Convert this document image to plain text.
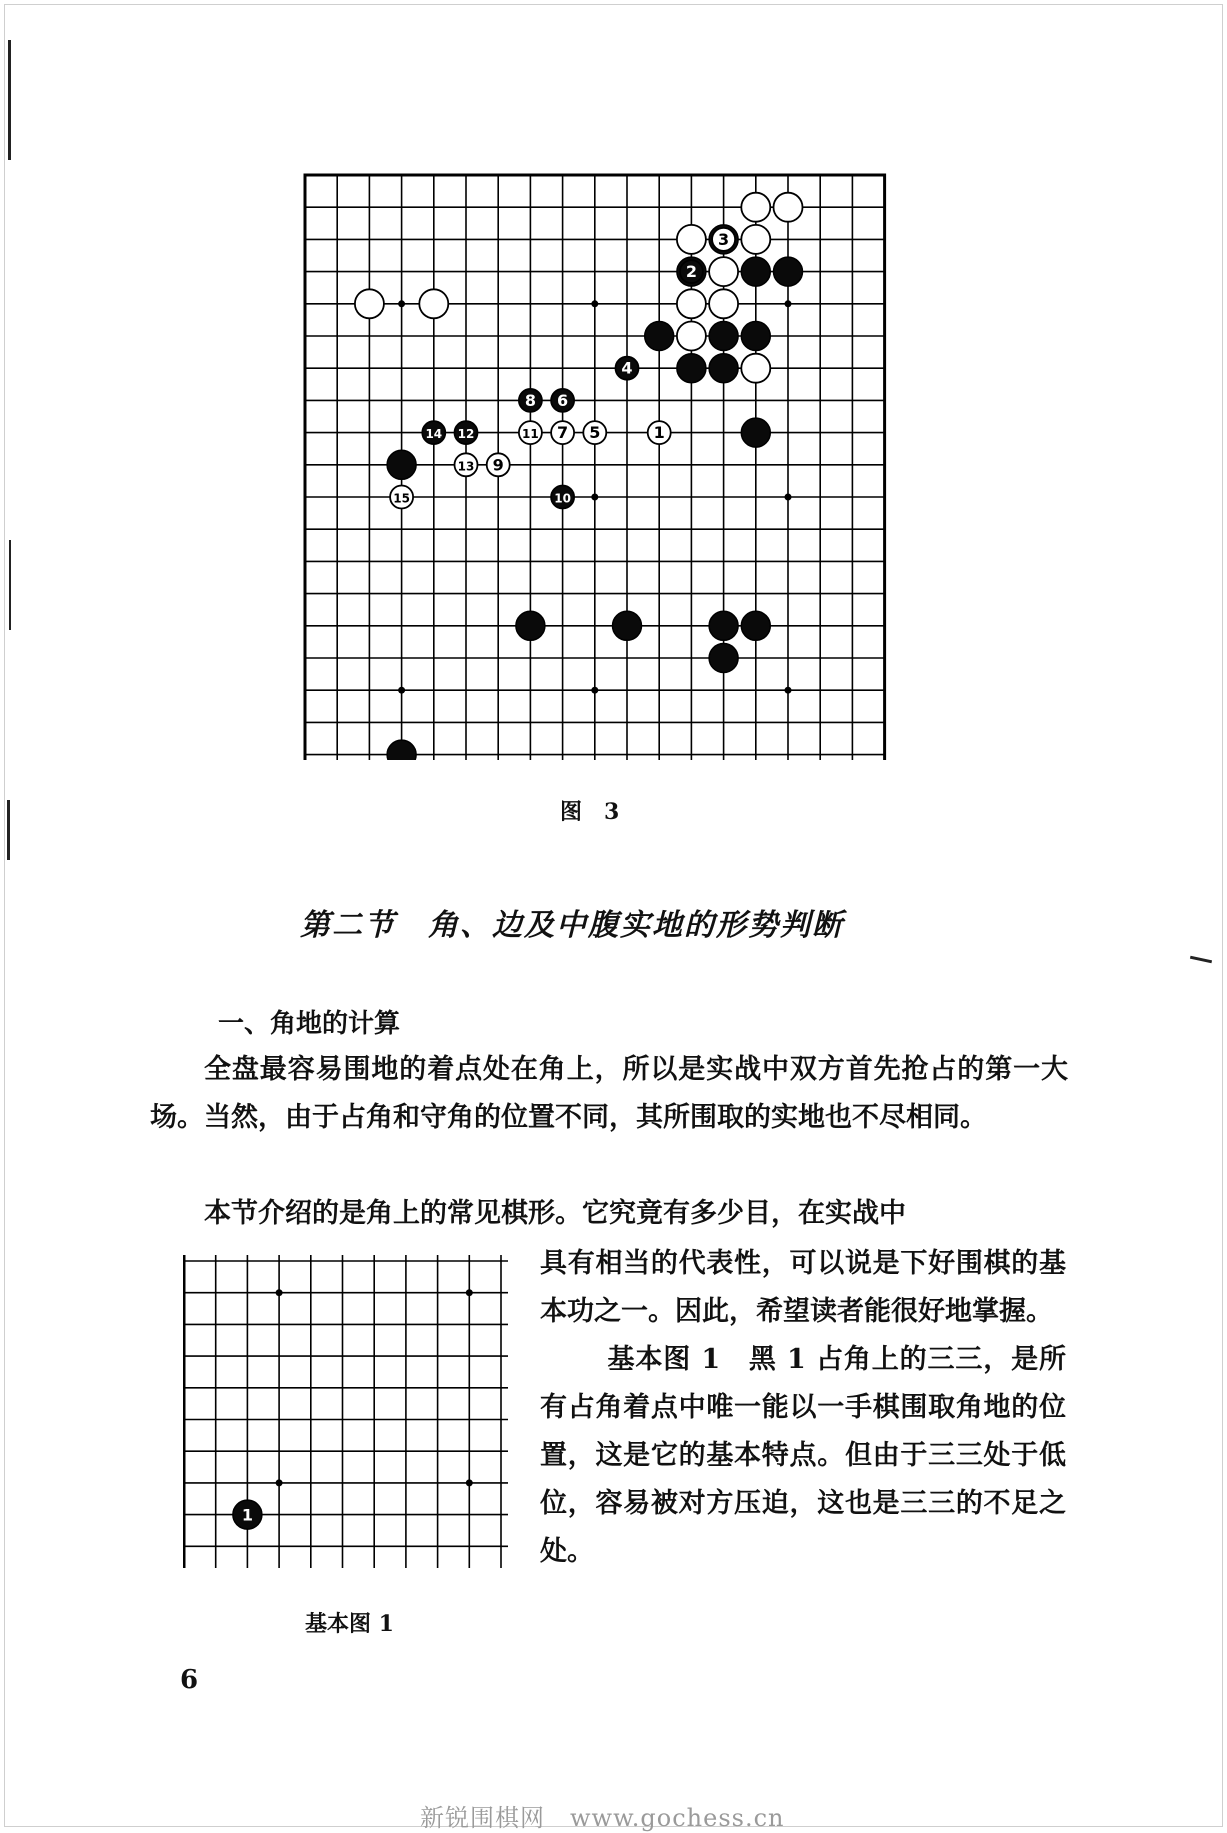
1
2
3
4
5
6
7
8
9
10
11
12
13
14
15
图　3
第二节　角、边及中腹实地的形势判断
一、角地的计算

全盘最容易围地的着点处在角上，所以是实战中双方首先抢占的第一大场。当然，由于占角和守角的位置不同，其所围取的实地也不尽相同。

本节介绍的是角上的常见棋形。它究竟有多少目，在实战中

1
基本图 1

具有相当的代表性，可以说是下好围棋的基本功之一。因此，希望读者能很好地掌握。

基本图 1　黑 1 占角上的三三，是所有占角着点中唯一能以一手棋围取角地的位置，这是它的基本特点。但由于三三处于低位，容易被对方压迫，这也是三三的不足之处。

6
新锐围棋网　www.gochess.cn
